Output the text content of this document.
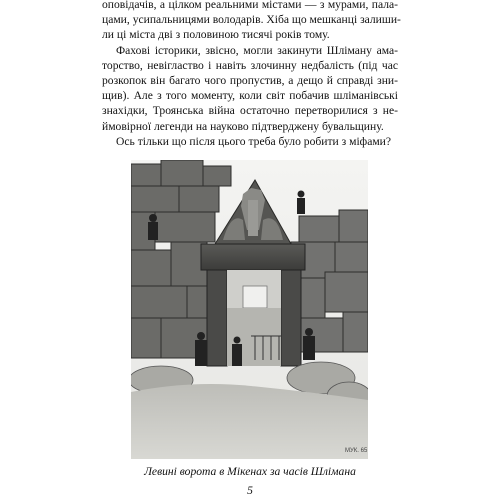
оповідачів, а цілком реальними містами — з мурами, пала-
цами, усипальницями володарів. Хіба що мешканці залиши-
ли ці міста дві з половиною тисячі років тому.
Фахові історики, звісно, могли закинути Шліману ама-
торство, невігластво і навіть злочинну недбалість (під час
розкопок він багато чого пропустив, а дещо й справді зни-
щив). Але з того моменту, коли світ побачив шліманівські
знахідки, Троянська війна остаточно перетворилися з не-
ймовірної легенди на науково підтверджену бувальщину.
Ось тільки що після цього треба було робити з міфами?
МУК. 65
Левині ворота в Мікенах за часів Шлімана
5
